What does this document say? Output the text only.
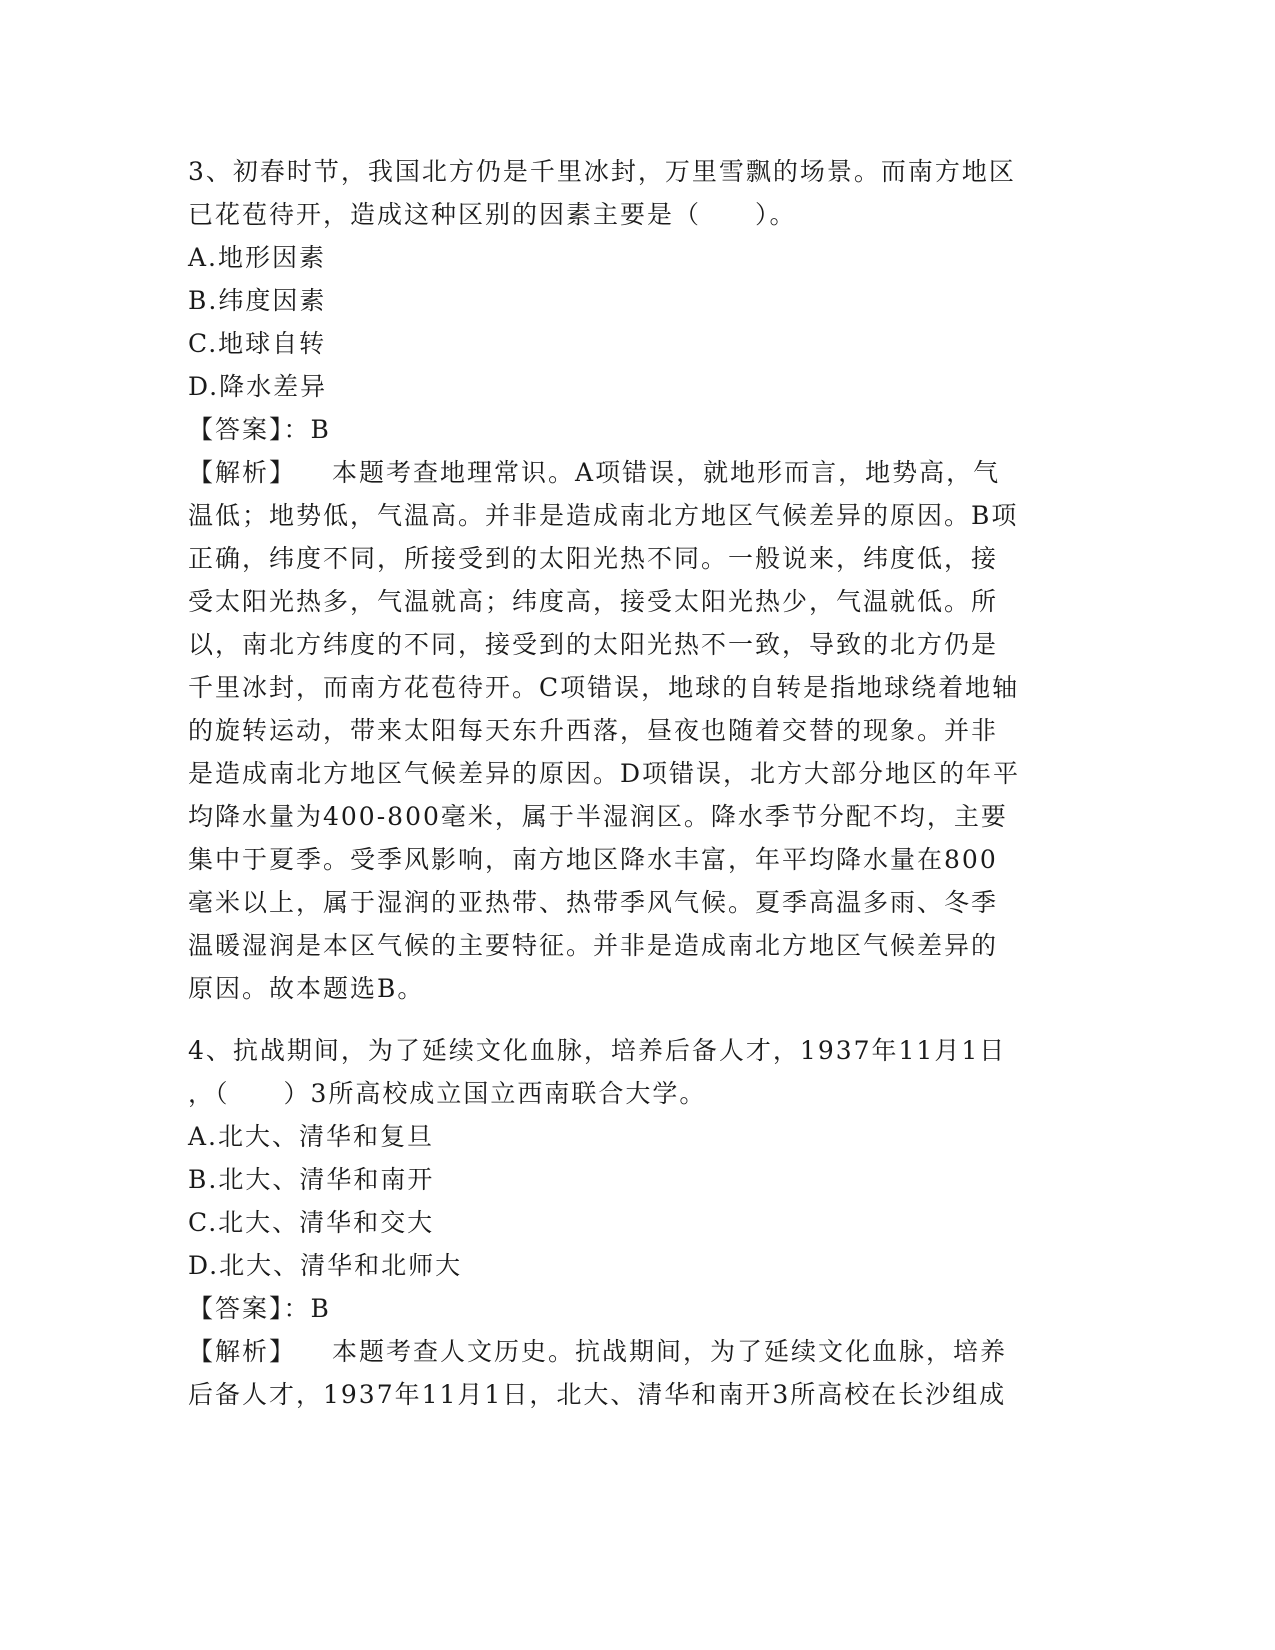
3、初春时节，我国北方仍是千里冰封，万里雪飘的场景。而南方地区
已花苞待开，造成这种区别的因素主要是（　　）。
A.地形因素
B.纬度因素
C.地球自转
D.降水差异
【答案】：B
【解析】 本题考查地理常识。A项错误，就地形而言，地势高，气
温低；地势低，气温高。并非是造成南北方地区气候差异的原因。B项
正确，纬度不同，所接受到的太阳光热不同。一般说来，纬度低，接
受太阳光热多，气温就高；纬度高，接受太阳光热少，气温就低。所
以，南北方纬度的不同，接受到的太阳光热不一致，导致的北方仍是
千里冰封，而南方花苞待开。C项错误，地球的自转是指地球绕着地轴
的旋转运动，带来太阳每天东升西落，昼夜也随着交替的现象。并非
是造成南北方地区气候差异的原因。D项错误，北方大部分地区的年平
均降水量为400-800毫米，属于半湿润区。降水季节分配不均，主要
集中于夏季。受季风影响，南方地区降水丰富，年平均降水量在800
毫米以上，属于湿润的亚热带、热带季风气候。夏季高温多雨、冬季
温暖湿润是本区气候的主要特征。并非是造成南北方地区气候差异的
原因。故本题选B。
4、抗战期间，为了延续文化血脉，培养后备人才，1937年11月1日
，（　　）3所高校成立国立西南联合大学。
A.北大、清华和复旦
B.北大、清华和南开
C.北大、清华和交大
D.北大、清华和北师大
【答案】：B
【解析】 本题考查人文历史。抗战期间，为了延续文化血脉，培养
后备人才，1937年11月1日，北大、清华和南开3所高校在长沙组成
